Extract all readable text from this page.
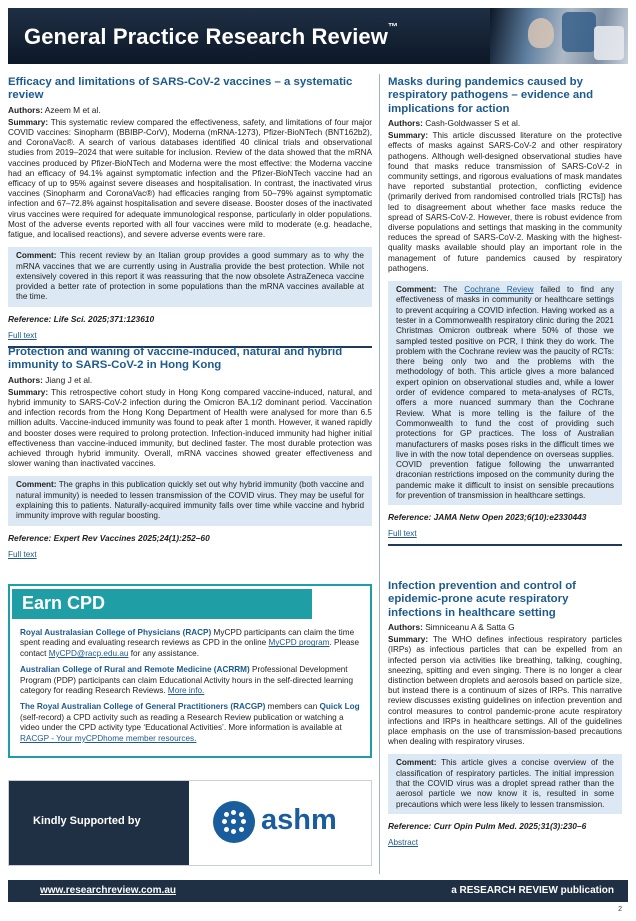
General Practice Research Review™
Efficacy and limitations of SARS-CoV-2 vaccines – a systematic review
Authors: Azeem M et al.
Summary: This systematic review compared the effectiveness, safety, and limitations of four major COVID vaccines: Sinopharm (BBIBP-CorV), Moderna (mRNA-1273), Pfizer-BioNTech (BNT162b2), and CoronaVac®. A search of various databases identified 40 clinical trials and observational studies from 2019–2024 that were suitable for inclusion. Review of the data showed that the mRNA vaccines produced by Pfizer-BioNTech and Moderna were the most effective: the Moderna vaccine had an efficacy of 94.1% against symptomatic infection and the Pfizer-BioNTech vaccine had an efficacy of up to 95% against severe diseases and hospitalisation. In contrast, the inactivated virus vaccines (Sinopharm and CoronaVac®) had efficacies ranging from 50–79% against symptomatic infection and 67–72.8% against hospitalisation and severe disease. Booster doses of the inactivated virus vaccines were required for adequate immunological response, particularly in older populations. Most of the adverse events reported with all four vaccines were mild to moderate (e.g. headache, fatigue, and localised reactions), and severe adverse events were rare.
Comment: This recent review by an Italian group provides a good summary as to why the mRNA vaccines that we are currently using in Australia provide the best protection. While not extensively covered in this report it was reassuring that the now obsolete AstraZeneca vaccine provided a better rate of protection in some populations than the mRNA vaccines available at the time.
Reference: Life Sci. 2025;371:123610
Full text
Protection and waning of vaccine-induced, natural and hybrid immunity to SARS-CoV-2 in Hong Kong
Authors: Jiang J et al.
Summary: This retrospective cohort study in Hong Kong compared vaccine-induced, natural, and hybrid immunity to SARS-CoV-2 infection during the Omicron BA.1/2 dominant period. Vaccination and infection records from the Hong Kong Department of Health were analysed for more than 6.5 million adults. Vaccine-induced immunity was found to peak after 1 month. However, it waned rapidly and booster doses were required to prolong protection. Infection-induced immunity had higher initial effectiveness than vaccine-induced immunity, but declined faster. The most durable protection was achieved through hybrid immunity. Overall, mRNA vaccines showed greater effectiveness and slower waning than inactivated vaccines.
Comment: The graphs in this publication quickly set out why hybrid immunity (both vaccine and natural immunity) is needed to lessen transmission of the COVID virus. They may be useful for explaining this to patients. Naturally-acquired immunity falls over time while vaccine and hybrid immunity improve with regular boosting.
Reference: Expert Rev Vaccines 2025;24(1):252–60
Full text
Earn CPD

Royal Australasian College of Physicians (RACP) MyCPD participants can claim the time spent reading and evaluating research reviews as CPD in the online MyCPD program. Please contact MyCPD@racp.edu.au for any assistance.

Australian College of Rural and Remote Medicine (ACRRM) Professional Development Program (PDP) participants can claim Educational Activity hours in the self-directed learning category for reading Research Reviews. More info.

The Royal Australian College of General Practitioners (RACGP) members can Quick Log (self-record) a CPD activity such as reading a Research Review publication or watching a video under the CPD activity type ‘Educational Activities’. More information is available at RACGP - Your myCPDhome member resources.

Kindly Supported by	ashm
Masks during pandemics caused by respiratory pathogens – evidence and implications for action
Authors: Cash-Goldwasser S et al.
Summary: This article discussed literature on the protective effects of masks against SARS-CoV-2 and other respiratory pathogens. Although well-designed observational studies have found that masks reduce transmission of SARS-CoV-2 in community settings, and rigorous evaluations of mask mandates have reported substantial protection, conflicting evidence (primarily derived from randomised controlled trials [RCTs]) has led to disagreement about whether face masks reduce the spread of SARS-CoV-2. However, there is robust evidence from diverse populations and settings that masking in the community reduces the spread of SARS-CoV-2. Masking with the highest-quality masks available should play an important role in the management of future pandemics caused by respiratory pathogens.
Comment: The Cochrane Review failed to find any effectiveness of masks in community or healthcare settings to prevent acquiring a COVID infection. Having worked as a tester in a Commonwealth respiratory clinic during the 2021 Christmas Omicron outbreak where 50% of those we sampled tested positive on PCR, I think they do work. The problem with the Cochrane review was the paucity of RCTs: there being only two and the problems with the methodology of both. This article gives a more balanced expert opinion on observational studies and, while a lower order of evidence compared to meta-analyses of RCTs, offers a more nuanced summary than the Cochrane Review. What is more telling is the failure of the Commonwealth to fund the cost of providing such protections for GP practices. The loss of Australian manufacturers of masks poses risks in the difficult times we live in with the now total dependence on overseas supplies. COVID prevention fatigue following the unwarranted draconian restrictions imposed on the community during the pandemic make it difficult to insist on sensible precautions for prevention of transmission in healthcare settings.
Reference: JAMA Netw Open 2023;6(10):e2330443
Full text
Infection prevention and control of epidemic-prone acute respiratory infections in healthcare setting
Authors: Simniceanu A & Satta G
Summary: The WHO defines infectious respiratory particles (IRPs) as infectious particles that can be expelled from an infected person via activities like breathing, talking, coughing, sneezing, spitting and even singing. There is no longer a clear distinction between droplets and aerosols based on particle size, but instead there is a continuum of sizes of IRPs. This narrative review discusses existing guidelines on infection prevention and control measures to control pandemic-prone acute respiratory infections and IRPs in healthcare settings. All of the guidelines place emphasis on the use of transmission-based precautions when dealing with respiratory viruses.
Comment: This article gives a concise overview of the classification of respiratory particles. The initial impression that the COVID virus was a droplet spread rather than the aerosol particle we now know it is, resulted in some precautions which were less likely to lessen transmission.
Reference: Curr Opin Pulm Med. 2025;31(3):230–6
Abstract
www.researchreview.com.au	a RESEARCH REVIEW publication
2
